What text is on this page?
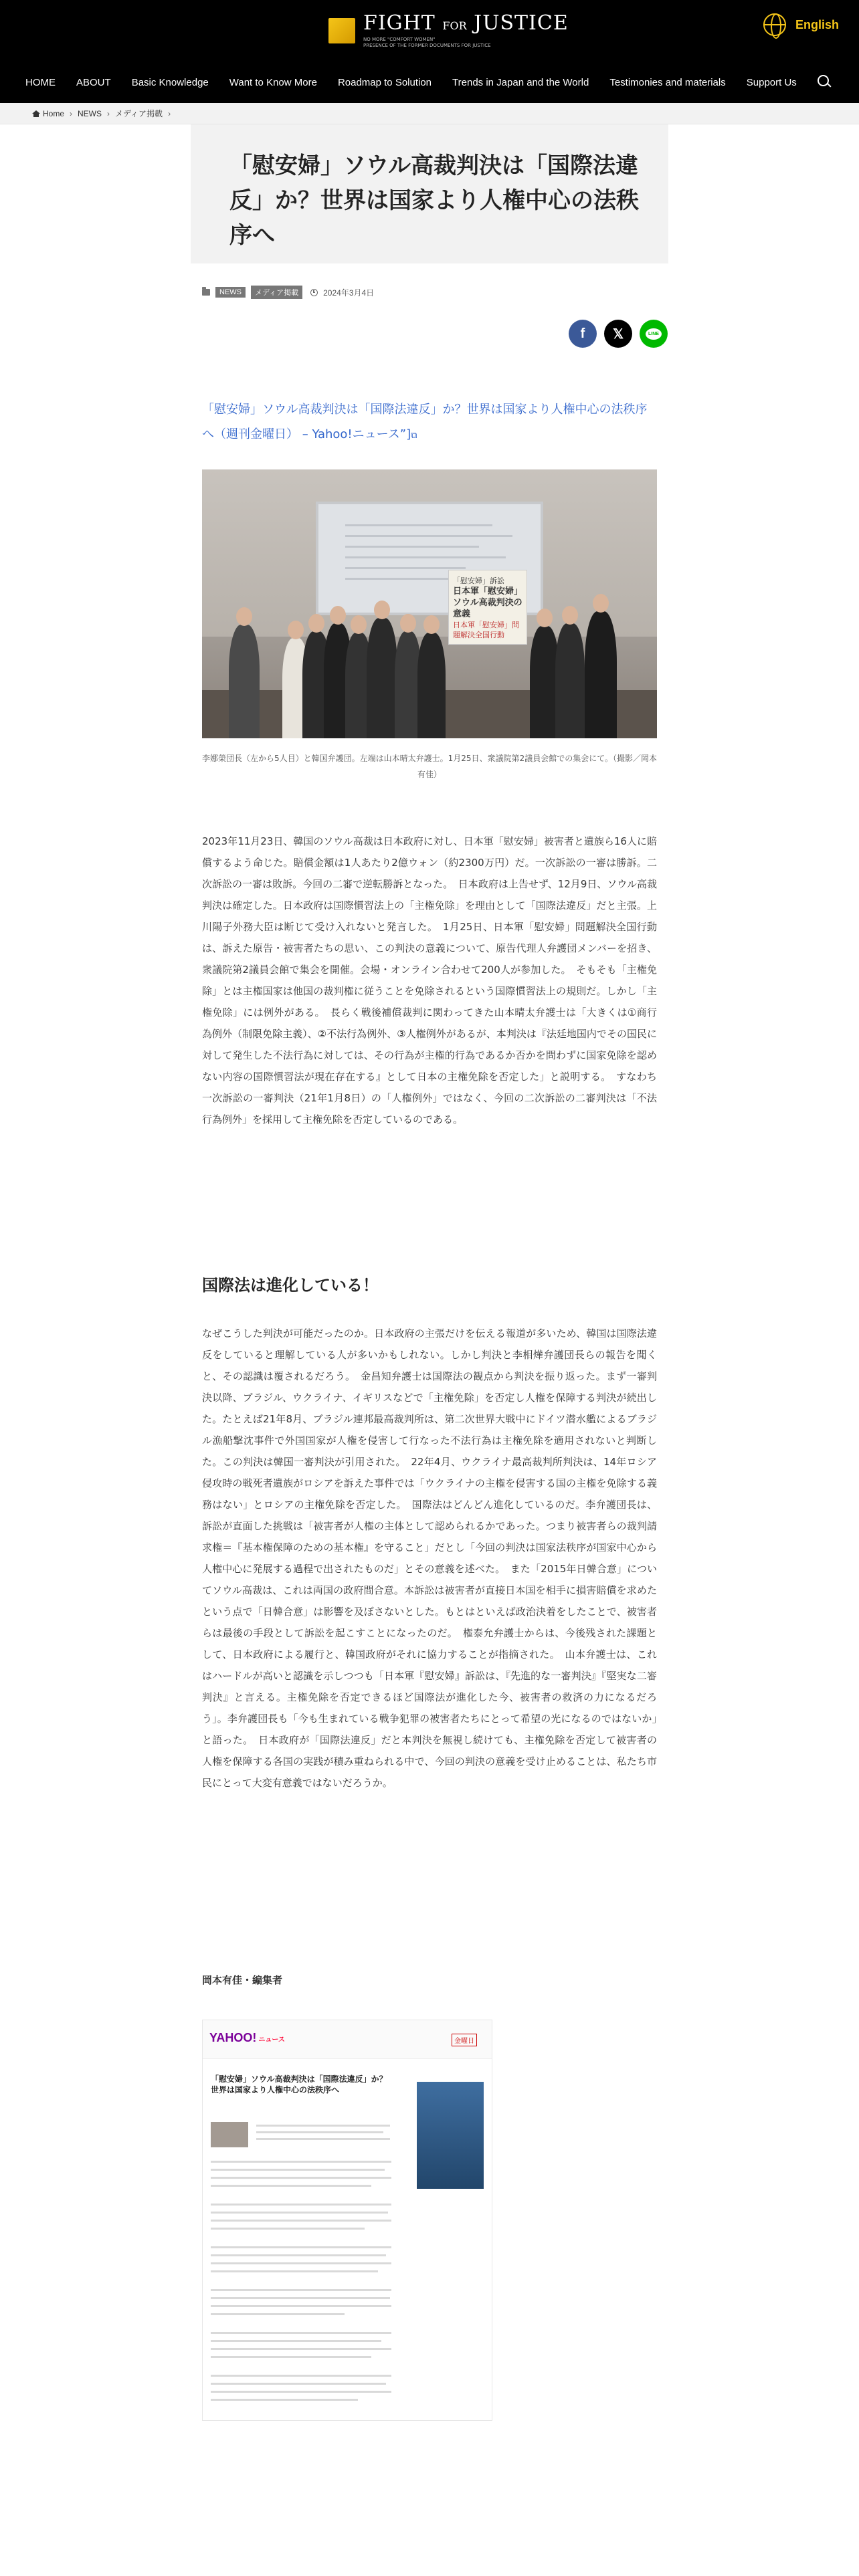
FIGHT FOR JUSTICE
NO MORE "COMFORT WOMEN"
PRESENCE OF THE FORMER DOCUMENTS FOR JUSTICE
English
HOME ABOUT Basic Knowledge Want to Know More Roadmap to Solution Trends in Japan and the World Testimonies and materials Support Us
Home › NEWS › メディア掲載 ›
「慰安婦」ソウル高裁判決は「国際法違反」か？世界は国家より人権中心の法秩序へ
NEWS	メディア掲載	2024年3月4日
f 𝕏	LINE
「慰安婦」ソウル高裁判決は「国際法違反」か？世界は国家より人権中心の法秩序へ（週刊金曜日） – Yahoo!ニュース”]⧉
「慰安婦」訴訟
日本軍「慰安婦」
ソウル高裁判決の意義
日本軍「慰安婦」問題解決全国行動
李娜榮団長（左から5人目）と韓国弁護団。左端は山本晴太弁護士。1月25日、衆議院第2議員会館での集会にて。（撮影／岡本有佳）
2023年11月23日、韓国のソウル高裁は日本政府に対し、日本軍「慰安婦」被害者と遺族ら16人に賠償するよう命じた。賠償金額は1人あたり2億ウォン（約2300万円）だ。一次訴訟の一審は勝訴。二次訴訟の一審は敗訴。今回の二審で逆転勝訴となった。　日本政府は上告せず、12月9日、ソウル高裁判決は確定した。日本政府は国際慣習法上の「主権免除」を理由として「国際法違反」だと主張。上川陽子外務大臣は断じて受け入れないと発言した。　1月25日、日本軍「慰安婦」問題解決全国行動は、訴えた原告・被害者たちの思い、この判決の意義について、原告代理人弁護団メンバーを招き、衆議院第2議員会館で集会を開催。会場・オンライン合わせて200人が参加した。　そもそも「主権免除」とは主権国家は他国の裁判権に従うことを免除されるという国際慣習法上の規則だ。しかし「主権免除」には例外がある。　長らく戦後補償裁判に関わってきた山本晴太弁護士は「大きくは①商行為例外（制限免除主義）、②不法行為例外、③人権例外があるが、本判決は『法廷地国内でその国民に対して発生した不法行為に対しては、その行為が主権的行為であるか否かを問わずに国家免除を認めない内容の国際慣習法が現在存在する』として日本の主権免除を否定した」と説明する。　すなわち一次訴訟の一審判決（21年1月8日）の「人権例外」ではなく、今回の二次訴訟の二審判決は「不法行為例外」を採用して主権免除を否定しているのである。
国際法は進化している！
なぜこうした判決が可能だったのか。日本政府の主張だけを伝える報道が多いため、韓国は国際法違反をしていると理解している人が多いかもしれない。しかし判決と李相燁弁護団長らの報告を聞くと、その認識は覆されるだろう。　金昌知弁護士は国際法の観点から判決を振り返った。まず一審判決以降、ブラジル、ウクライナ、イギリスなどで「主権免除」を否定し人権を保障する判決が続出した。たとえば21年8月、ブラジル連邦最高裁判所は、第二次世界大戦中にドイツ潜水艦によるブラジル漁船撃沈事件で外国国家が人権を侵害して行なった不法行為は主権免除を適用されないと判断した。この判決は韓国一審判決が引用された。　22年4月、ウクライナ最高裁判所判決は、14年ロシア侵攻時の戦死者遺族がロシアを訴えた事件では「ウクライナの主権を侵害する国の主権を免除する義務はない」とロシアの主権免除を否定した。　国際法はどんどん進化しているのだ。李弁護団長は、訴訟が直面した挑戦は「被害者が人権の主体として認められるかであった。つまり被害者らの裁判請求権＝『基本権保障のための基本権』を守ること」だとし「今回の判決は国家法秩序が国家中心から人権中心に発展する過程で出されたものだ」とその意義を述べた。　また「2015年日韓合意」についてソウル高裁は、これは両国の政府間合意。本訴訟は被害者が直接日本国を相手に損害賠償を求めたという点で「日韓合意」は影響を及ぼさないとした。もとはといえば政治決着をしたことで、被害者らは最後の手段として訴訟を起こすことになったのだ。　権泰允弁護士からは、今後残された課題として、日本政府による履行と、韓国政府がそれに協力することが指摘された。　山本弁護士は、これはハードルが高いと認識を示しつつも「日本軍『慰安婦』訴訟は、『先進的な一審判決』『堅実な二審判決』と言える。主権免除を否定できるほど国際法が進化した今、被害者の救済の力になるだろう」。李弁護団長も「今も生まれている戦争犯罪の被害者たちにとって希望の光になるのではないか」と語った。　日本政府が「国際法違反」だと本判決を無視し続けても、主権免除を否定して被害者の人権を保障する各国の実践が積み重ねられる中で、今回の判決の意義を受け止めることは、私たち市民にとって大変有意義ではないだろうか。
岡本有佳・編集者
YAHOO! ニュース	金曜日
「慰安婦」ソウル高裁判決は「国際法違反」か？世界は国家より人権中心の法秩序へ
